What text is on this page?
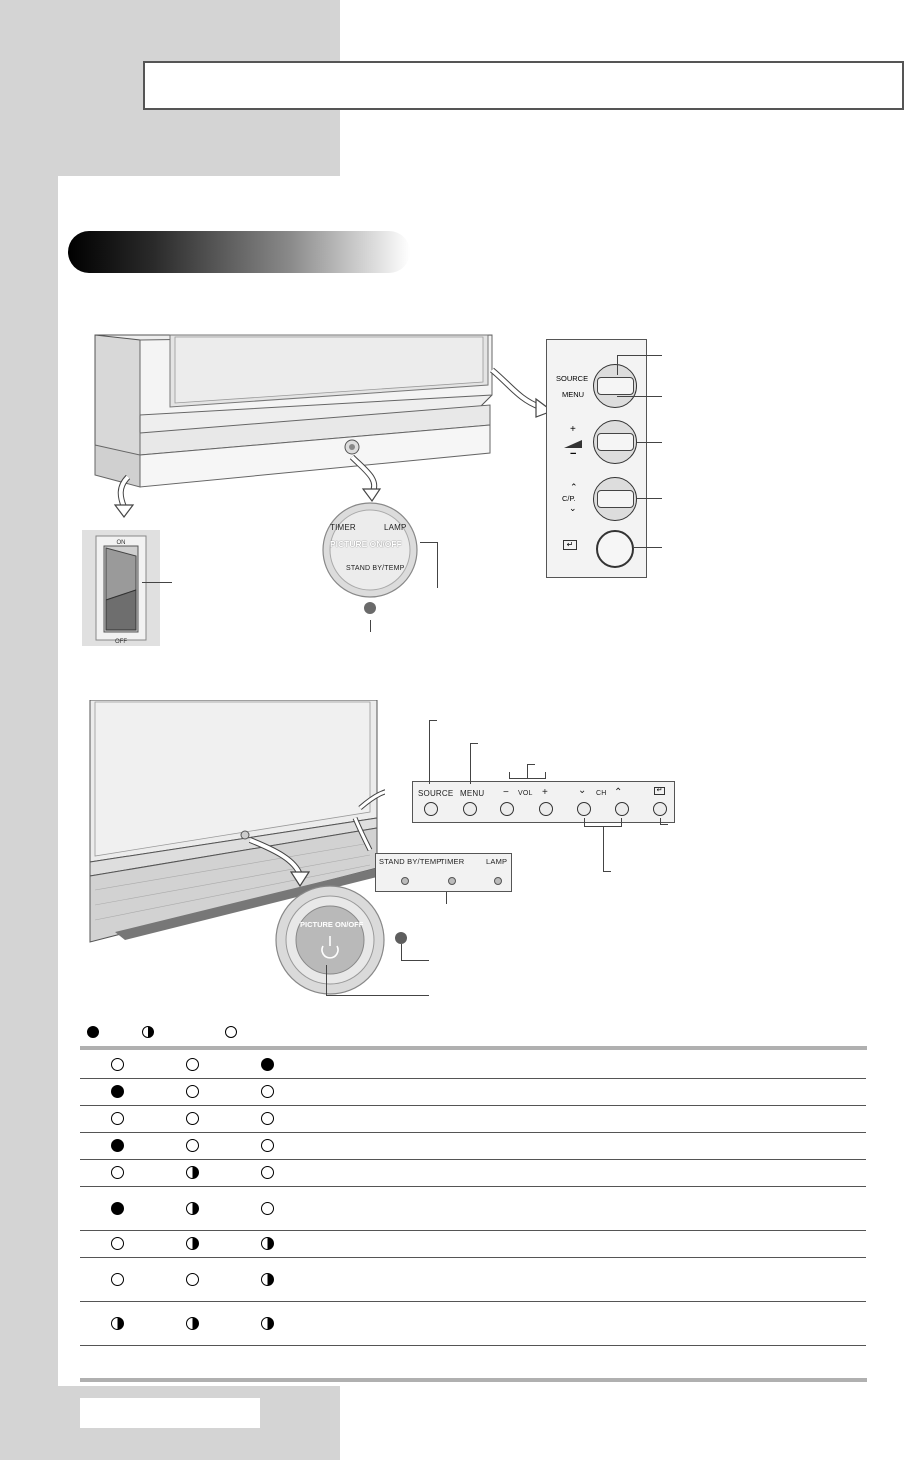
ON
OFF
TIMER	LAMP
PICTURE ON/OFF
STAND BY/TEMP
SOURCE
MENU
+
−
⌃
C/P.
⌄
↵
SOURCE MENU − VOL +	⌄ CH ⌃	↵
STAND BY/TEMP
TIMER	LAMP
PICTURE ON/OFF
